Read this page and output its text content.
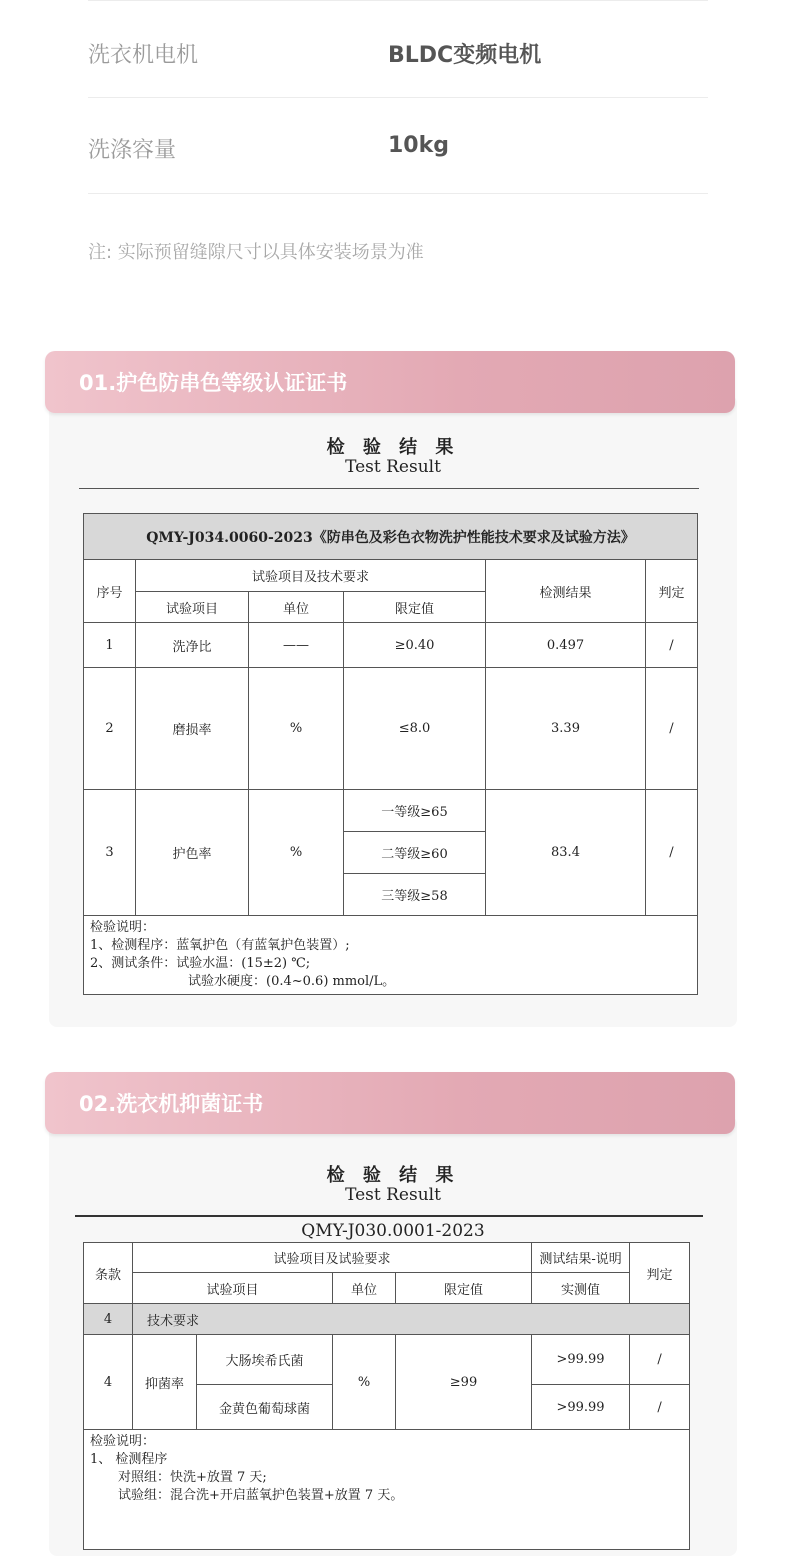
洗衣机电机	BLDC变频电机
洗涤容量	10kg
注: 实际预留缝隙尺寸以具体安装场景为准
检 验 结 果
Test Result
QMY-J034.0060-2023《防串色及彩色衣物洗护性能技术要求及试验方法》					
序号	试验项目及技术要求			检测结果	判定
	试验项目	单位	限定值		
1	洗净比	——	≥0.40	0.497	/
2	磨损率	%	≤8.0	3.39	/
3	护色率	%	一等级≥65	83.4	/
			二等级≥60		
			三等级≥58		

检验说明：
1、检测程序：蓝氧护色（有蓝氧护色装置）;
2、测试条件：试验水温：(15±2) ℃;
试验水硬度：(0.4~0.6) mmol/L。					
01.护色防串色等级认证证书
检 验 结 果
Test Result
QMY-J030.0001-2023
条款	试验项目及试验要求				测试结果-说明	判定
	试验项目		单位	限定值	实测值	
4	技术要求					
4	抑菌率	大肠埃希氏菌	%	≥99	>99.99	/
		金黄色葡萄球菌			>99.99	/

检验说明：
1、 检测程序
对照组：快洗+放置 7 天;
试验组：混合洗+开启蓝氧护色装置+放置 7 天。						
02.洗衣机抑菌证书
